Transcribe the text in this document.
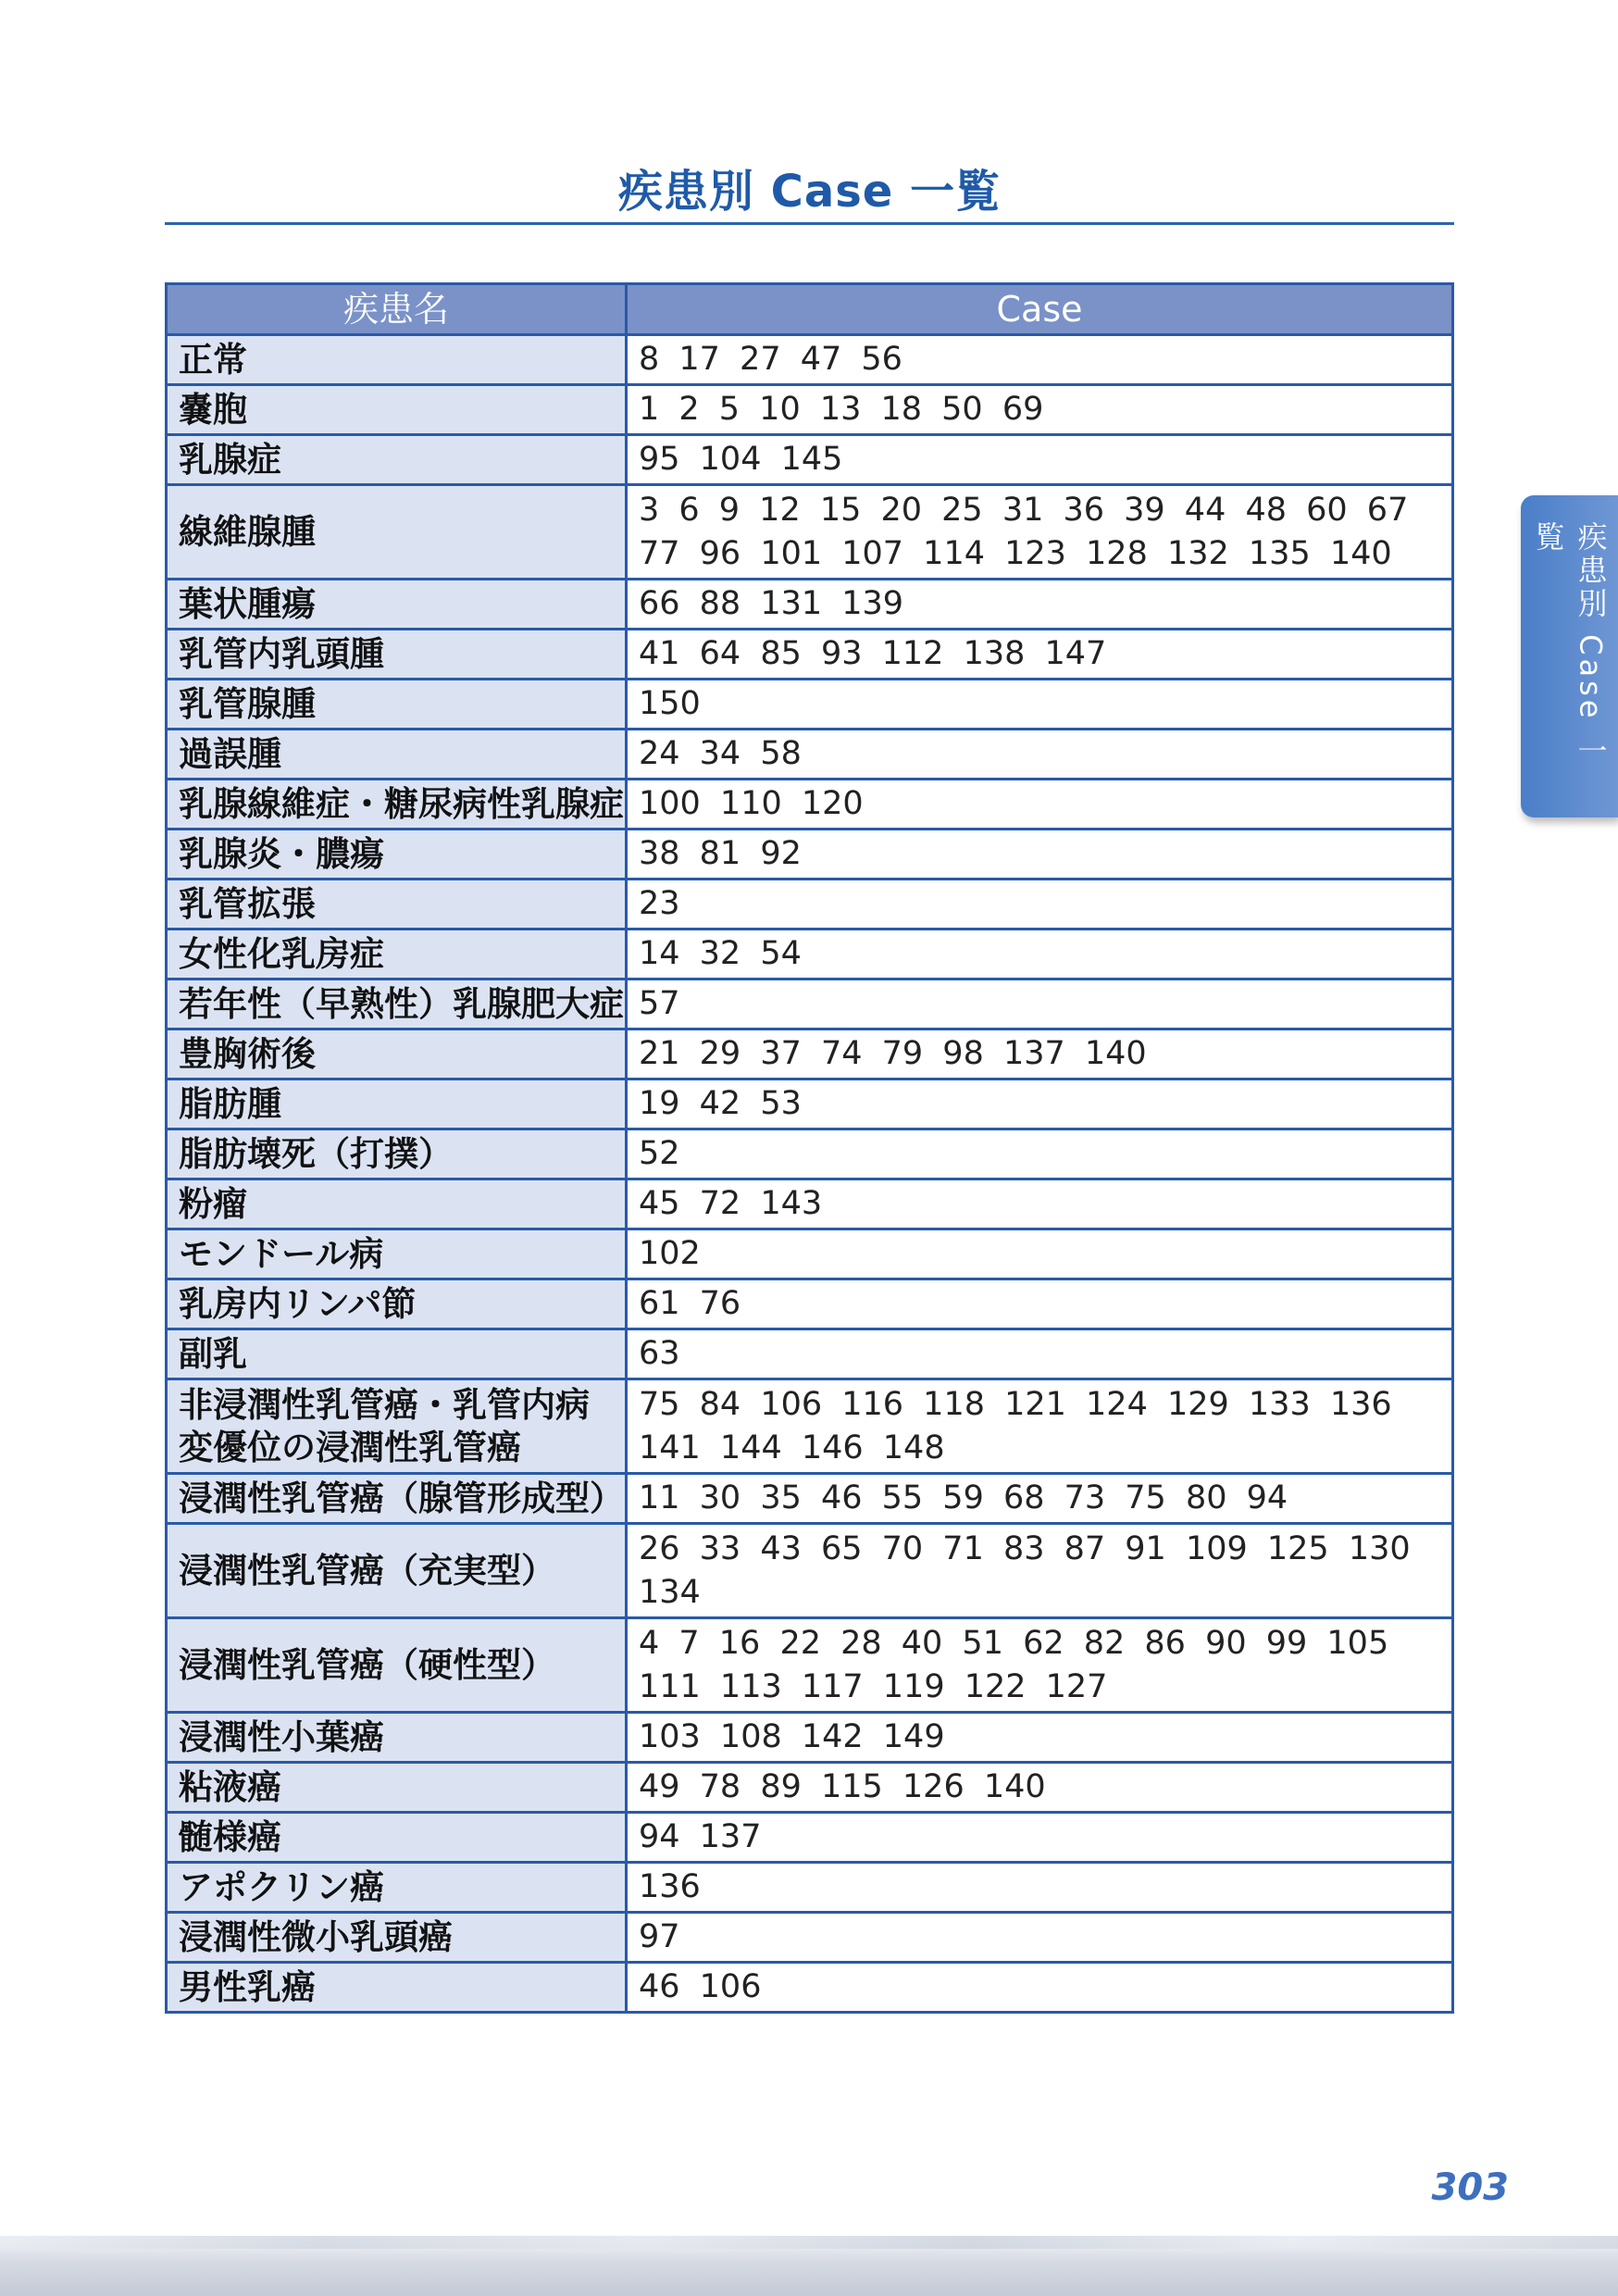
疾患別 Case 一覧
疾患名	Case
正常	8 17 27 47 56
嚢胞	1 2 5 10 13 18 50 69
乳腺症	95 104 145
線維腺腫	3 6 9 12 15 20 25 31 36 39 44 48 60 67 77 96 101 107 114 123 128 132 135 140
葉状腫瘍	66 88 131 139
乳管内乳頭腫	41 64 85 93 112 138 147
乳管腺腫	150
過誤腫	24 34 58
乳腺線維症・糖尿病性乳腺症	100 110 120
乳腺炎・膿瘍	38 81 92
乳管拡張	23
女性化乳房症	14 32 54
若年性（早熟性）乳腺肥大症	57
豊胸術後	21 29 37 74 79 98 137 140
脂肪腫	19 42 53
脂肪壊死（打撲）	52
粉瘤	45 72 143
モンドール病	102
乳房内リンパ節	61 76
副乳	63
非浸潤性乳管癌・乳管内病変優位の浸潤性乳管癌	75 84 106 116 118 121 124 129 133 136 141 144 146 148
浸潤性乳管癌（腺管形成型）	11 30 35 46 55 59 68 73 75 80 94
浸潤性乳管癌（充実型）	26 33 43 65 70 71 83 87 91 109 125 130 134
浸潤性乳管癌（硬性型）	4 7 16 22 28 40 51 62 82 86 90 99 105 111 113 117 119 122 127
浸潤性小葉癌	103 108 142 149
粘液癌	49 78 89 115 126 140
髄様癌	94 137
アポクリン癌	136
浸潤性微小乳頭癌	97
男性乳癌	46 106
疾患別 Case 一覧
303
